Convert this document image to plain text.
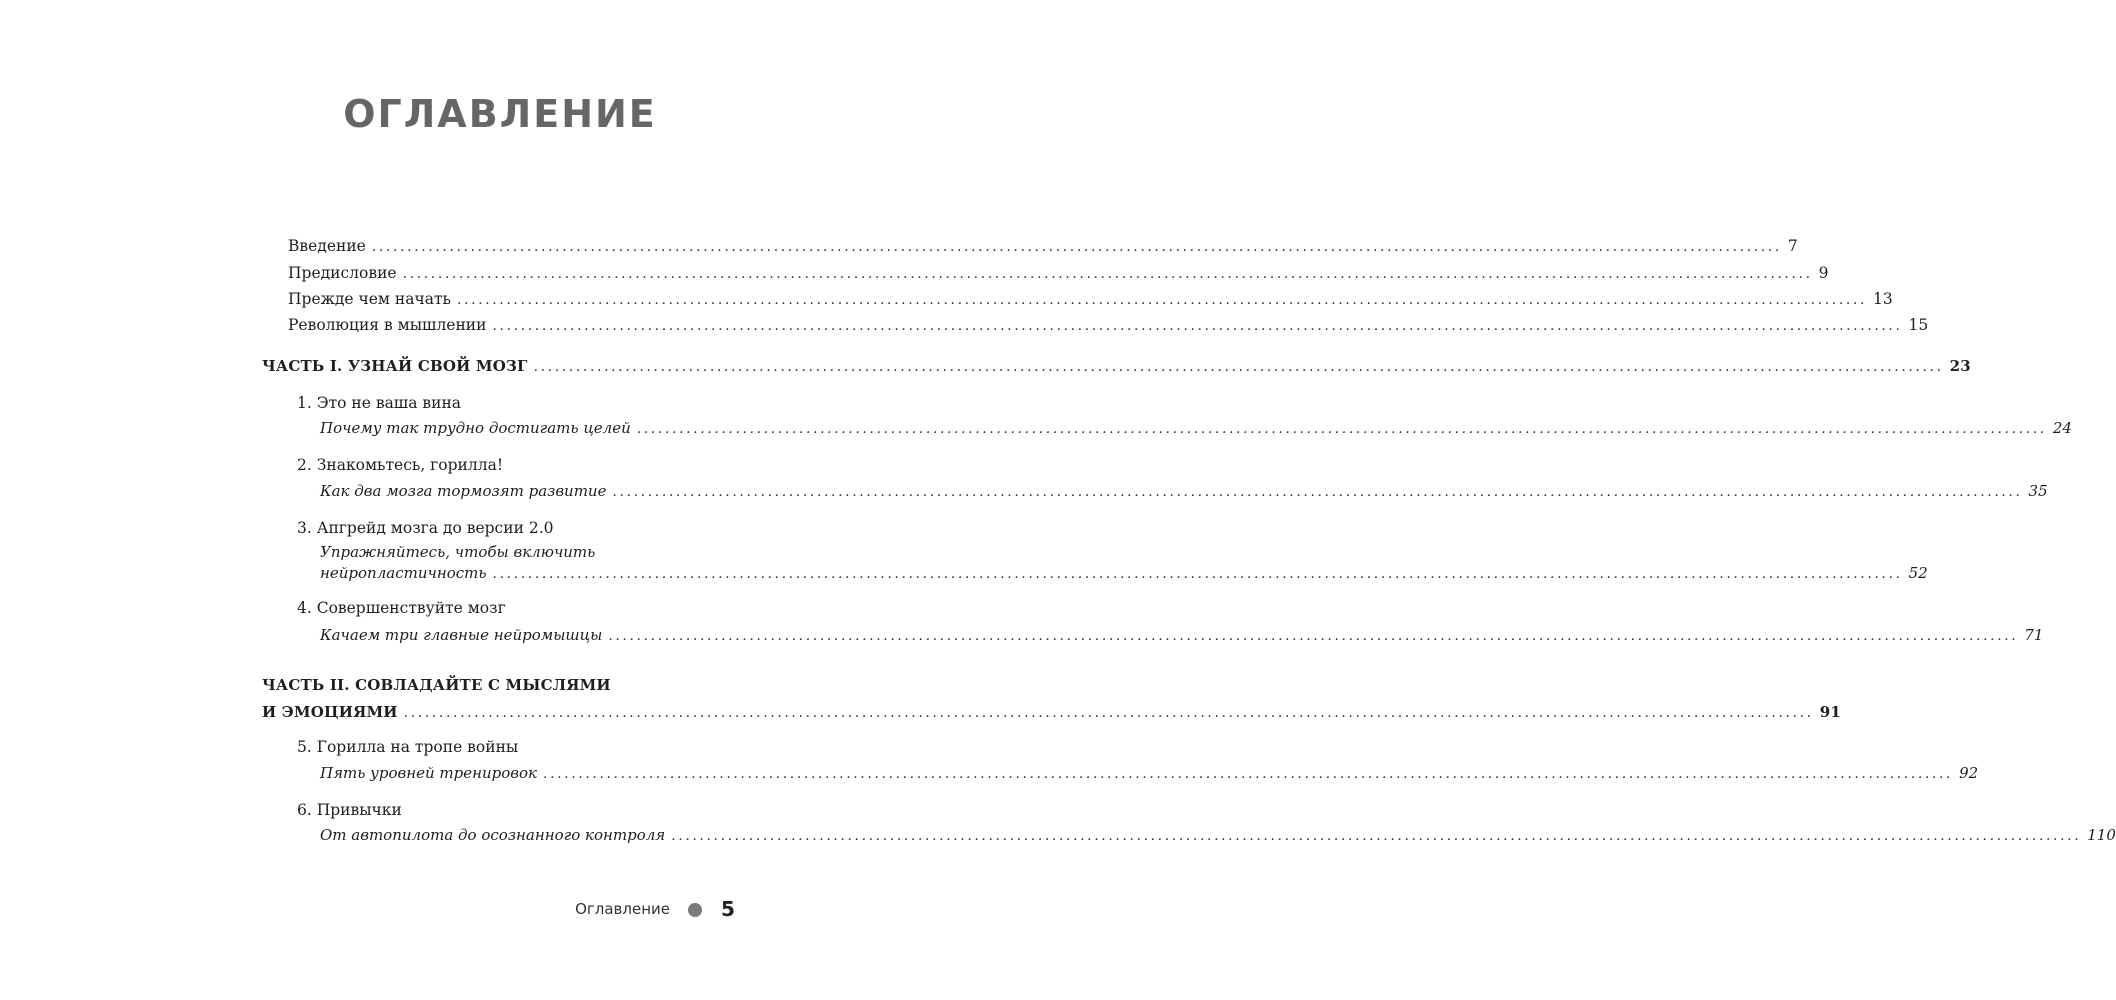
ОГЛАВЛЕНИЕ
Введение ........................................................................................................................................................................................................ 7
Предисловие ........................................................................................................................................................................................................ 9
Прежде чем начать ........................................................................................................................................................................................................ 13
Революция в мышлении ........................................................................................................................................................................................................ 15
ЧАСТЬ I. УЗНАЙ СВОЙ МОЗГ ........................................................................................................................................................................................................ 23
1. Это не ваша вина
Почему так трудно достигать целей ........................................................................................................................................................................................................ 24
2. Знакомьтесь, горилла!
Как два мозга тормозят развитие ........................................................................................................................................................................................................ 35
3. Апгрейд мозга до версии 2.0
Упражняйтесь, чтобы включить
нейропластичность ........................................................................................................................................................................................................ 52
4. Совершенствуйте мозг
Качаем три главные нейромышцы ........................................................................................................................................................................................................ 71
ЧАСТЬ II. СОВЛАДАЙТЕ С МЫСЛЯМИ
И ЭМОЦИЯМИ ........................................................................................................................................................................................................ 91
5. Горилла на тропе войны
Пять уровней тренировок ........................................................................................................................................................................................................ 92
6. Привычки
От автопилота до осознанного контроля ........................................................................................................................................................................................................ 110
Оглавление	5
